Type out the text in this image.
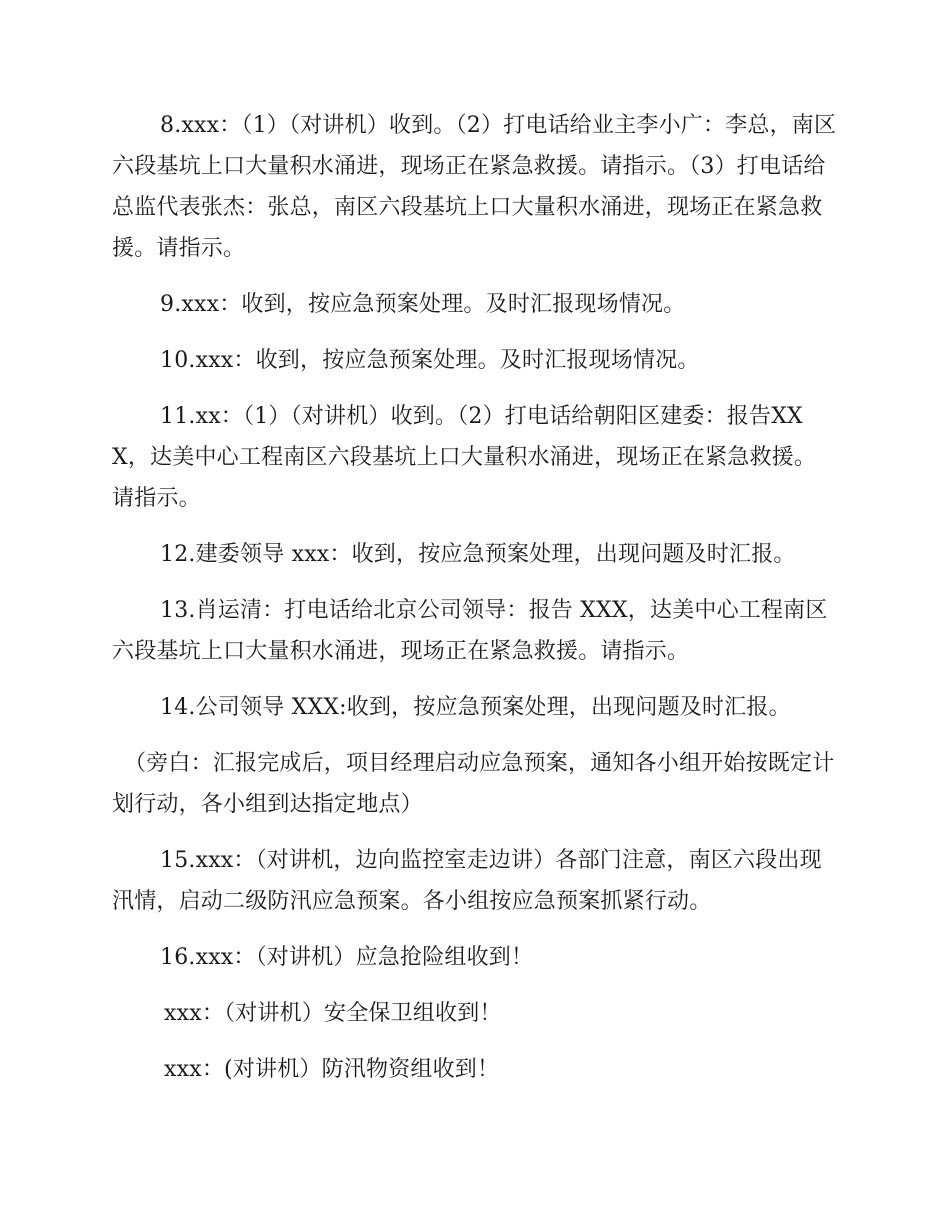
8.xxx：（1）（对讲机）收到。（2）打电话给业主李小广：李总，南区六段基坑上口大量积水涌进，现场正在紧急救援。请指示。（3）打电话给总监代表张杰：张总，南区六段基坑上口大量积水涌进，现场正在紧急救援。请指示。

9.xxx：收到，按应急预案处理。及时汇报现场情况。

10.xxx：收到，按应急预案处理。及时汇报现场情况。

11.xx：（1）（对讲机）收到。（2）打电话给朝阳区建委：报告XXX，达美中心工程南区六段基坑上口大量积水涌进，现场正在紧急救援。请指示。

12.建委领导 xxx：收到，按应急预案处理，出现问题及时汇报。

13.肖运清：打电话给北京公司领导：报告 XXX，达美中心工程南区六段基坑上口大量积水涌进，现场正在紧急救援。请指示。

14.公司领导 XXX:收到，按应急预案处理，出现问题及时汇报。

（旁白：汇报完成后，项目经理启动应急预案，通知各小组开始按既定计划行动，各小组到达指定地点）

15.xxx：（对讲机，边向监控室走边讲）各部门注意，南区六段出现汛情，启动二级防汛应急预案。各小组按应急预案抓紧行动。

16.xxx：（对讲机）应急抢险组收到！

xxx：（对讲机）安全保卫组收到！

xxx：(对讲机）防汛物资组收到！
